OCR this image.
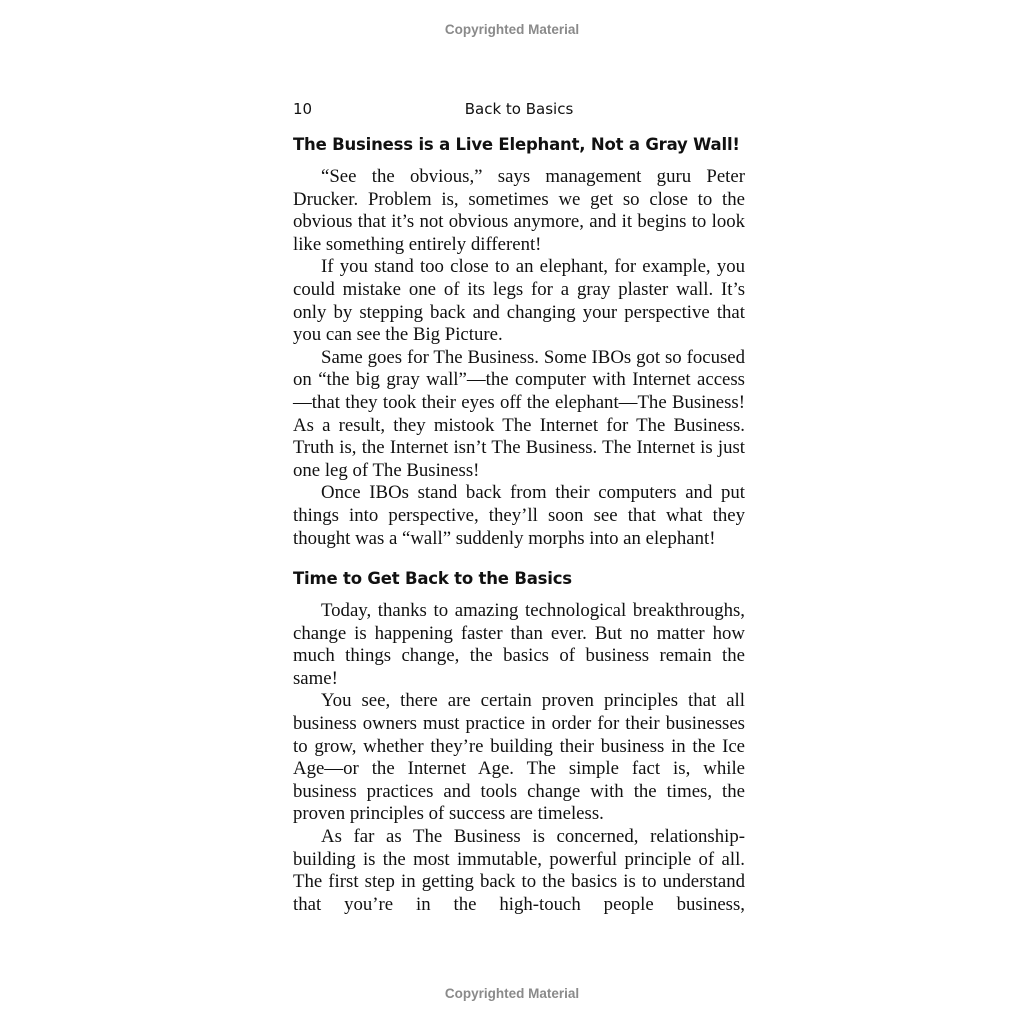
Copyrighted Material
10	Back to Basics
The Business is a Live Elephant, Not a Gray Wall!

“See the obvious,” says management guru Peter Drucker. Problem is, sometimes we get so close to the obvious that it’s not obvious anymore, and it begins to look like something entirely different!

If you stand too close to an elephant, for example, you could mistake one of its legs for a gray plaster wall. It’s only by stepping back and changing your perspective that you can see the Big Picture.

Same goes for The Business. Some IBOs got so focused on “the big gray wall”—the computer with Internet access—that they took their eyes off the elephant—The Business! As a result, they mistook The Internet for The Business. Truth is, the Internet isn’t The Business. The Internet is just one leg of The Business!

Once IBOs stand back from their computers and put things into perspective, they’ll soon see that what they thought was a “wall” suddenly morphs into an elephant!

Time to Get Back to the Basics

Today, thanks to amazing technological breakthroughs, change is happening faster than ever. But no matter how much things change, the basics of business remain the same!

You see, there are certain proven principles that all business owners must practice in order for their businesses to grow, whether they’re building their business in the Ice Age—or the Internet Age. The simple fact is, while business practices and tools change with the times, the proven principles of success are timeless.

As far as The Business is concerned, relationship-building is the most immutable, powerful principle of all. The first step in getting back to the basics is to understand that you’re in the high-touch people business,

Copyrighted Material
